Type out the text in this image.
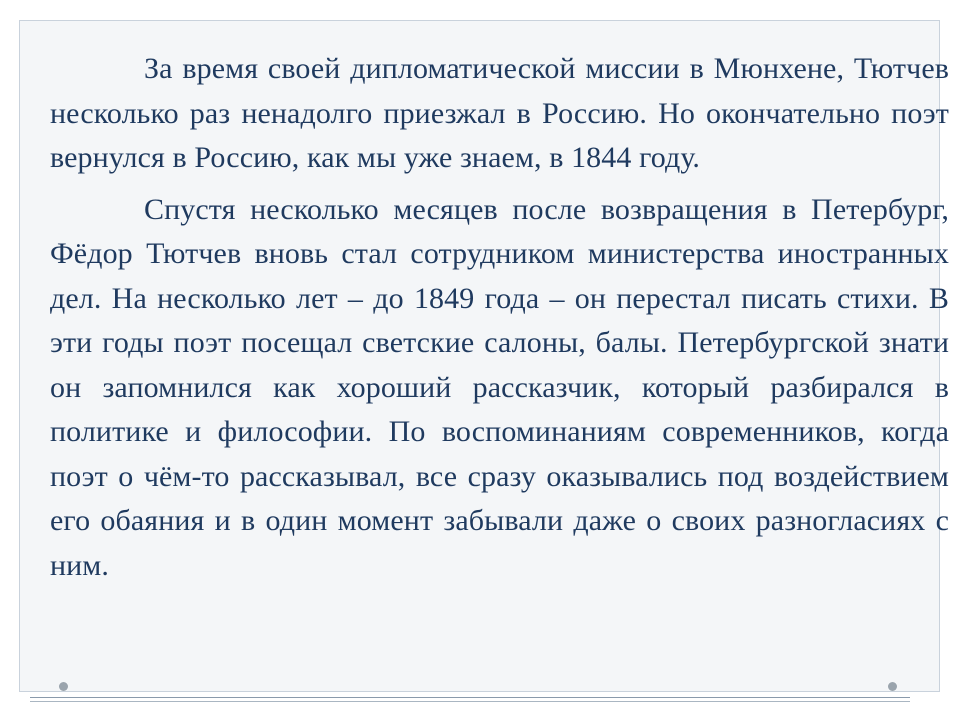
За время своей дипломатической миссии в Мюнхене, Тютчев несколько раз ненадолго приезжал в Россию. Но окончательно поэт вернулся в Россию, как мы уже знаем, в 1844 году.

Спустя несколько месяцев после возвращения в Петербург, Фёдор Тютчев вновь стал сотрудником министерства иностранных дел. На несколько лет – до 1849 года – он перестал писать стихи. В эти годы поэт посещал светские салоны, балы. Петербургской знати он запомнился как хороший рассказчик, который разбирался в политике и философии. По воспоминаниям современников, когда поэт о чём-то рассказывал, все сразу оказывались под воздействием его обаяния и в один момент забывали даже о своих разногласиях с ним.
